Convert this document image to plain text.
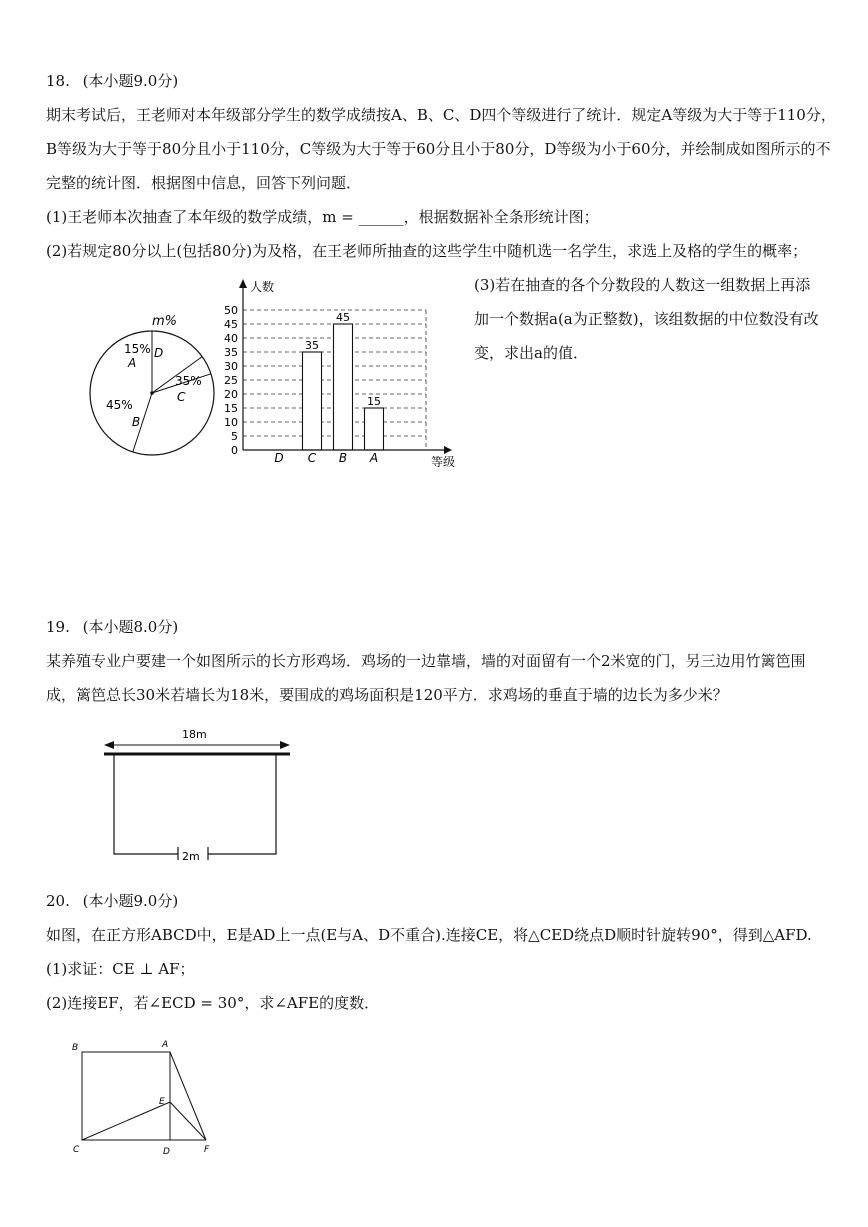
18. (本小题9.0分)
期末考试后，王老师对本年级部分学生的数学成绩按A、B、C、D四个等级进行了统计．规定A等级为大于等于110分，
B等级为大于等于80分且小于110分，C等级为大于等于60分且小于80分，D等级为小于60分，并绘制成如图所示的不
完整的统计图．根据图中信息，回答下列问题．
(1)王老师本次抽查了本年级的数学成绩，m = ______，根据数据补全条形统计图；
(2)若规定80分以上(包括80分)为及格，在王老师所抽查的这些学生中随机选一名学生，求选上及格的学生的概率；
(3)若在抽查的各个分数段的人数这一组数据上再添
加一个数据a(a为正整数)，该组数据的中位数没有改
变，求出a的值．
m%
15%
A
D
35%
C
45%
B
0
5
10
15
20
25
30
35
40
45
50
35
45
15
D C B A
人数
等级
19. (本小题8.0分)
某养殖专业户要建一个如图所示的长方形鸡场．鸡场的一边靠墙，墙的对面留有一个2米宽的门，另三边用竹篱笆围
成，篱笆总长30米若墙长为18米，要围成的鸡场面积是120平方．求鸡场的垂直于墙的边长为多少米？
18m
2m
20. (本小题9.0分)
如图，在正方形ABCD中，E是AD上一点(E与A、D不重合).连接CE，将△CED绕点D顺时针旋转90°，得到△AFD.
(1)求证：CE ⊥ AF；
(2)连接EF，若∠ECD = 30°，求∠AFE的度数．
B	A
E
C	D	F
